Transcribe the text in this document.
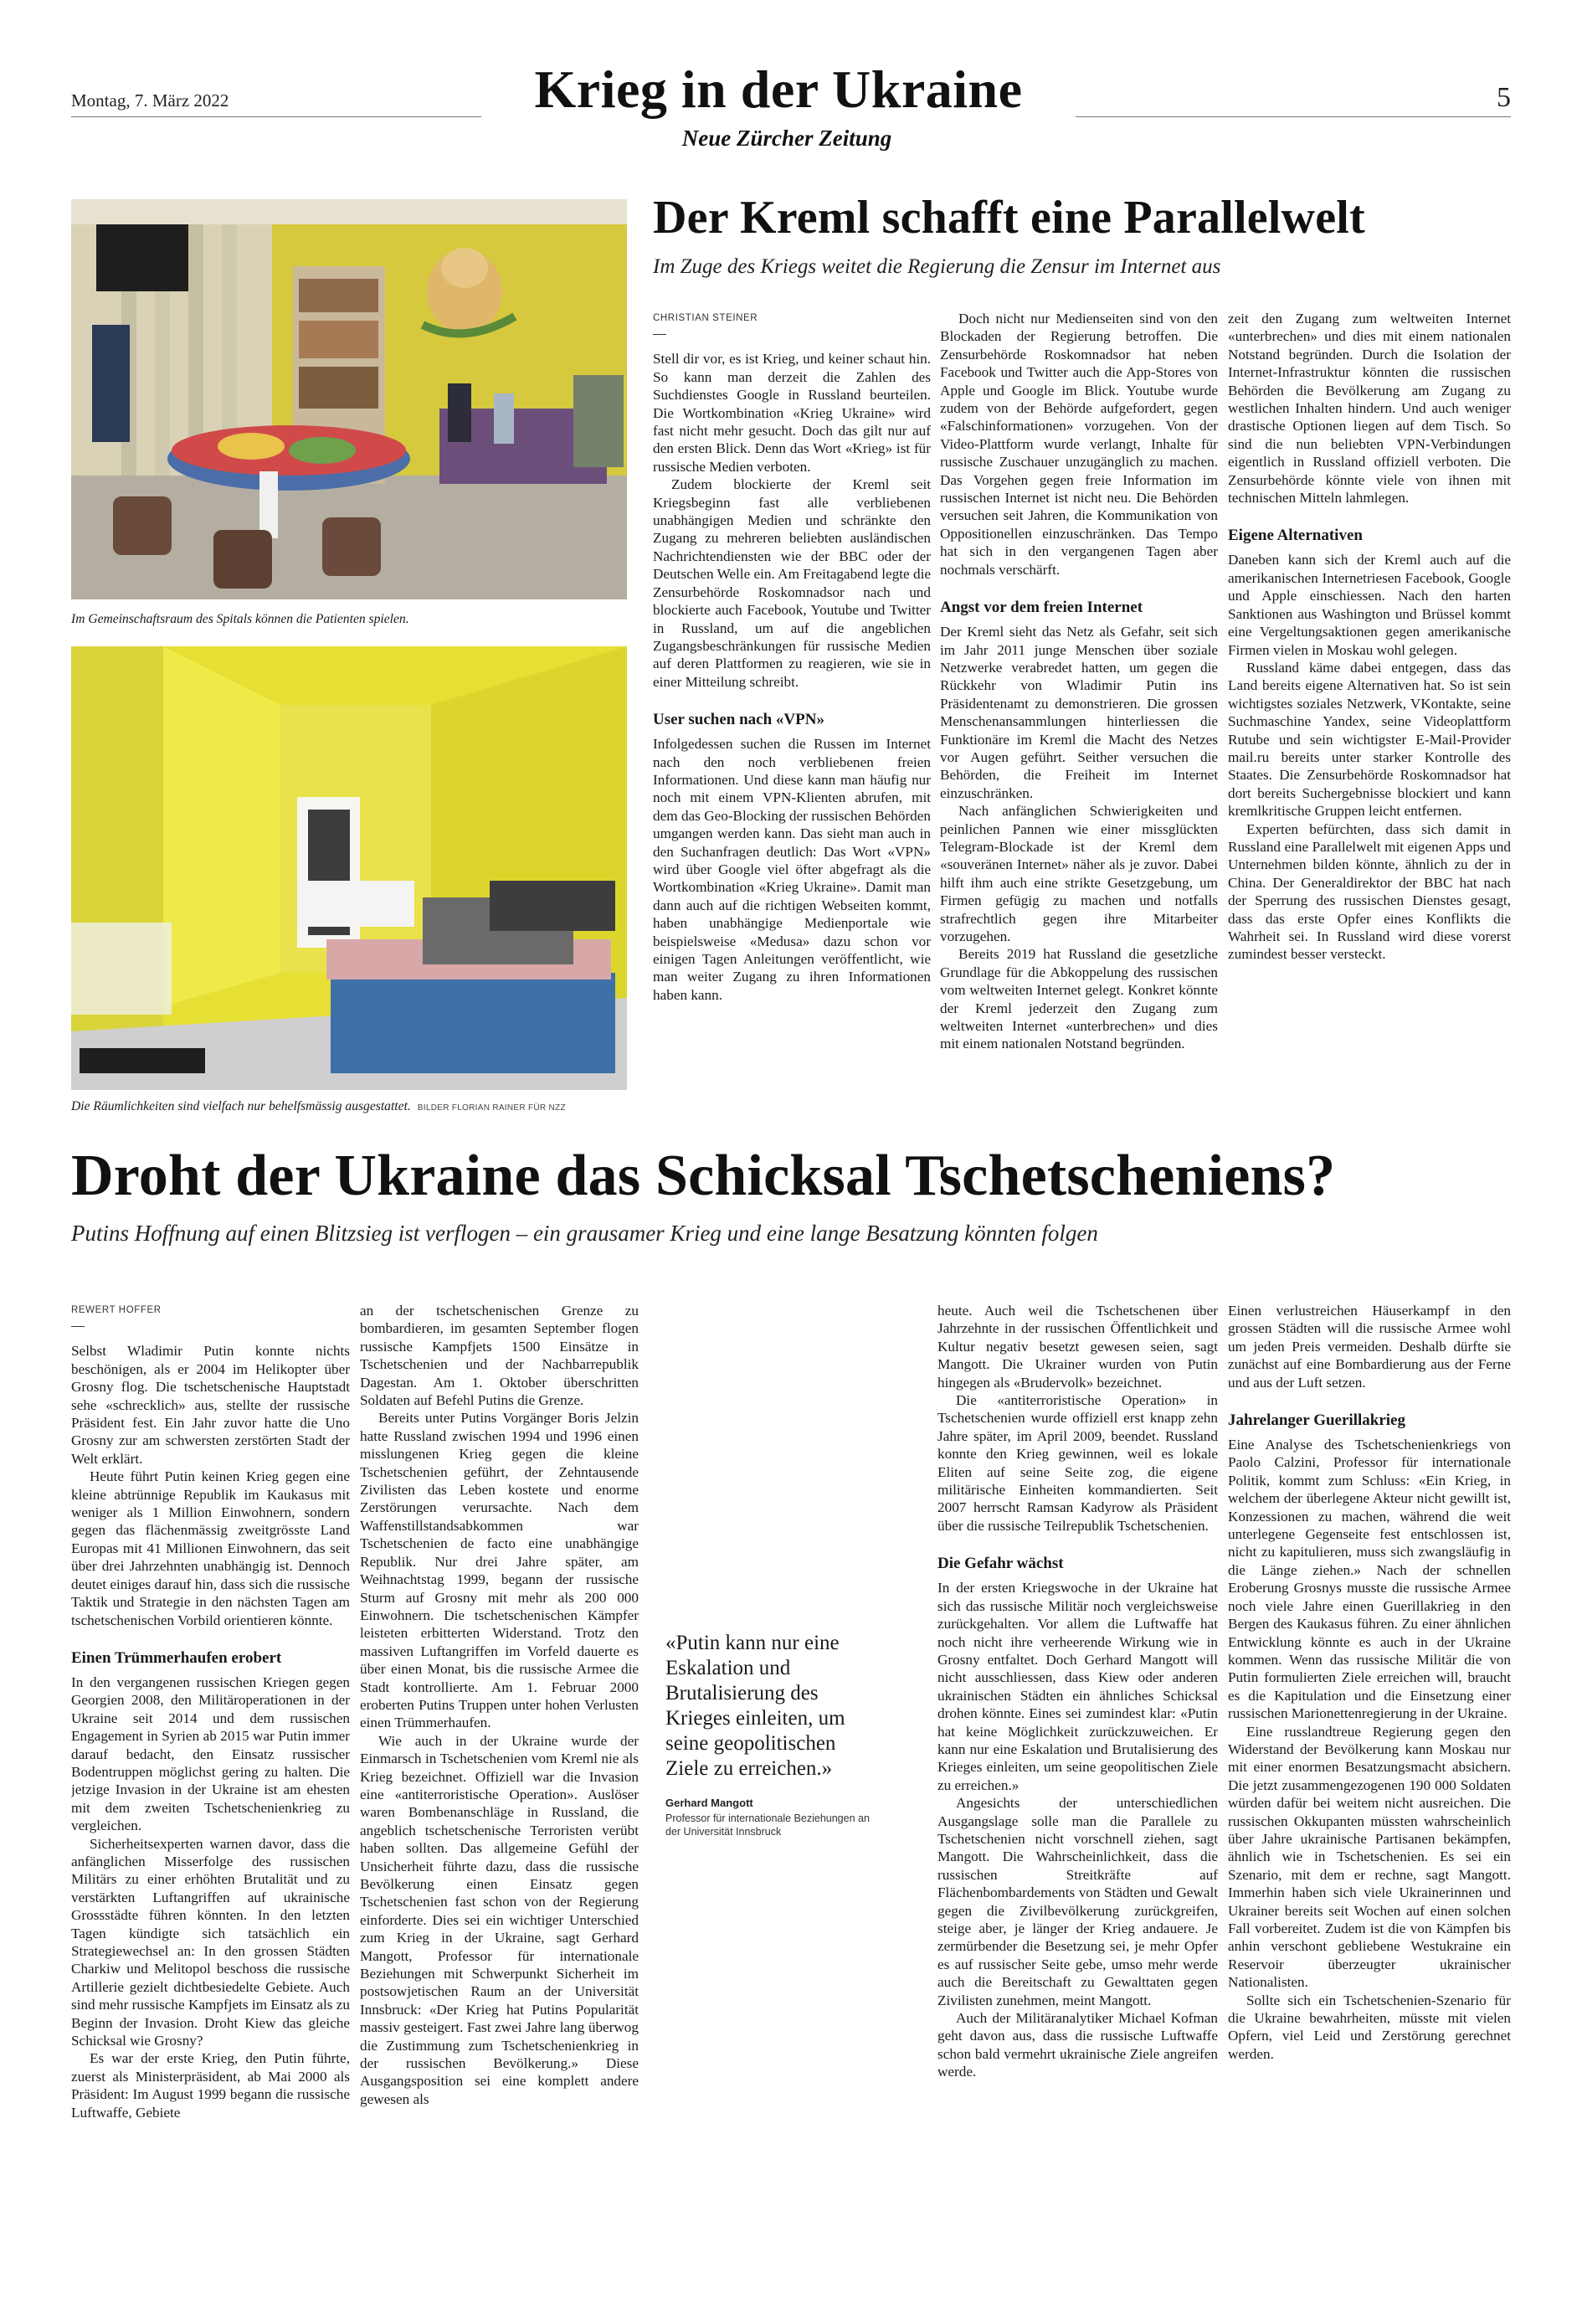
Montag, 7. März 2022	Krieg in der Ukraine	5
Neue Zürcher Zeitung
Im Gemeinschaftsraum des Spitals können die Patienten spielen.
Die Räumlichkeiten sind vielfach nur behelfsmässig ausgestattet. BILDER FLORIAN RAINER FÜR NZZ
Der Kreml schafft eine Parallelwelt
Im Zuge des Kriegs weitet die Regierung die Zensur im Internet aus
CHRISTIAN STEINER

Stell dir vor, es ist Krieg, und keiner schaut hin. So kann man derzeit die Zahlen des Suchdienstes Google in Russland beurteilen. Die Wortkombination «Krieg Ukraine» wird fast nicht mehr gesucht. Doch das gilt nur auf den ersten Blick. Denn das Wort «Krieg» ist für russische Medien verboten.

Zudem blockierte der Kreml seit Kriegsbeginn fast alle verbliebenen unabhängigen Medien und schränkte den Zugang zu mehreren beliebten ausländischen Nachrichtendiensten wie der BBC oder der Deutschen Welle ein. Am Freitagabend legte die Zensurbehörde Roskomnadsor nach und blockierte auch Facebook, Youtube und Twitter in Russland, um auf die angeblichen Zugangsbeschränkungen für russische Medien auf deren Plattformen zu reagieren, wie sie in einer Mitteilung schreibt.

User suchen nach «VPN»

Infolgedessen suchen die Russen im Internet nach den noch verbliebenen freien Informationen. Und diese kann man häufig nur noch mit einem VPN-Klienten abrufen, mit dem das Geo-Blocking der russischen Behörden umgangen werden kann. Das sieht man auch in den Suchanfragen deutlich: Das Wort «VPN» wird über Google viel öfter abgefragt als die Wortkombination «Krieg Ukraine». Damit man dann auch auf die richtigen Webseiten kommt, haben unabhängige Medienportale wie beispielsweise «Medusa» dazu schon vor einigen Tagen Anleitungen veröffentlicht, wie man weiter Zugang zu ihren Informationen haben kann.

Doch nicht nur Medienseiten sind von den Blockaden der Regierung betroffen. Die Zensurbehörde Roskomnadsor hat neben Facebook und Twitter auch die App-Stores von Apple und Google im Blick. Youtube wurde zudem von der Behörde aufgefordert, gegen «Falschinformationen» vorzugehen. Von der Video-Plattform wurde verlangt, Inhalte für russische Zuschauer unzugänglich zu machen. Das Vorgehen gegen freie Information im russischen Internet ist nicht neu. Die Behörden versuchen seit Jahren, die Kommunikation von Oppositionellen einzuschränken. Das Tempo hat sich in den vergangenen Tagen aber nochmals verschärft.

Angst vor dem freien Internet

Der Kreml sieht das Netz als Gefahr, seit sich im Jahr 2011 junge Menschen über soziale Netzwerke verabredet hatten, um gegen die Rückkehr von Wladimir Putin ins Präsidentenamt zu demonstrieren. Die grossen Menschenansammlungen hinterliessen die Funktionäre im Kreml die Macht des Netzes vor Augen geführt. Seither versuchen die Behörden, die Freiheit im Internet einzuschränken.

Nach anfänglichen Schwierigkeiten und peinlichen Pannen wie einer missglückten Telegram-Blockade ist der Kreml dem «souveränen Internet» näher als je zuvor. Dabei hilft ihm auch eine strikte Gesetzgebung, um Firmen gefügig zu machen und notfalls strafrechtlich gegen ihre Mitarbeiter vorzugehen.

Bereits 2019 hat Russland die gesetzliche Grundlage für die Abkoppelung des russischen vom weltweiten Internet gelegt. Konkret könnte der Kreml jederzeit den Zugang zum weltweiten Internet «unterbrechen» und dies mit einem nationalen Notstand begründen.

zeit den Zugang zum weltweiten Internet «unterbrechen» und dies mit einem nationalen Notstand begründen. Durch die Isolation der Internet-Infrastruktur könnten die russischen Behörden die Bevölkerung am Zugang zu westlichen Inhalten hindern. Und auch weniger drastische Optionen liegen auf dem Tisch. So sind die nun beliebten VPN-Verbindungen eigentlich in Russland offiziell verboten. Die Zensurbehörde könnte viele von ihnen mit technischen Mitteln lahmlegen.

Eigene Alternativen

Daneben kann sich der Kreml auch auf die amerikanischen Internetriesen Facebook, Google und Apple einschiessen. Nach den harten Sanktionen aus Washington und Brüssel kommt eine Vergeltungsaktionen gegen amerikanische Firmen vielen in Moskau wohl gelegen.

Russland käme dabei entgegen, dass das Land bereits eigene Alternativen hat. So ist sein wichtigstes soziales Netzwerk, VKontakte, seine Suchmaschine Yandex, seine Videoplattform Rutube und sein wichtigster E-Mail-Provider mail.ru bereits unter starker Kontrolle des Staates. Die Zensurbehörde Roskomnadsor hat dort bereits Suchergebnisse blockiert und kann kremlkritische Gruppen leicht entfernen.

Experten befürchten, dass sich damit in Russland eine Parallelwelt mit eigenen Apps und Unternehmen bilden könnte, ähnlich zu der in China. Der Generaldirektor der BBC hat nach der Sperrung des russischen Dienstes gesagt, dass das erste Opfer eines Konflikts die Wahrheit sei. In Russland wird diese vorerst zumindest besser versteckt.

Droht der Ukraine das Schicksal Tschetscheniens?
Putins Hoffnung auf einen Blitzsieg ist verflogen – ein grausamer Krieg und eine lange Besatzung könnten folgen
REWERT HOFFER

Selbst Wladimir Putin konnte nichts beschönigen, als er 2004 im Helikopter über Grosny flog. Die tschetschenische Hauptstadt sehe «schrecklich» aus, stellte der russische Präsident fest. Ein Jahr zuvor hatte die Uno Grosny zur am schwersten zerstörten Stadt der Welt erklärt.

Heute führt Putin keinen Krieg gegen eine kleine abtrünnige Republik im Kaukasus mit weniger als 1 Million Einwohnern, sondern gegen das flächenmässig zweitgrösste Land Europas mit 41 Millionen Einwohnern, das seit über drei Jahrzehnten unabhängig ist. Dennoch deutet einiges darauf hin, dass sich die russische Taktik und Strategie in den nächsten Tagen am tschetschenischen Vorbild orientieren könnte.

Einen Trümmerhaufen erobert

In den vergangenen russischen Kriegen gegen Georgien 2008, den Militäroperationen in der Ukraine seit 2014 und dem russischen Engagement in Syrien ab 2015 war Putin immer darauf bedacht, den Einsatz russischer Bodentruppen möglichst gering zu halten. Die jetzige Invasion in der Ukraine ist am ehesten mit dem zweiten Tschetschenienkrieg zu vergleichen.

Sicherheitsexperten warnen davor, dass die anfänglichen Misserfolge des russischen Militärs zu einer erhöhten Brutalität und zu verstärkten Luftangriffen auf ukrainische Grossstädte führen könnten. In den letzten Tagen kündigte sich tatsächlich ein Strategiewechsel an: In den grossen Städten Charkiw und Melitopol beschoss die russische Artillerie gezielt dichtbesiedelte Gebiete. Auch sind mehr russische Kampfjets im Einsatz als zu Beginn der Invasion. Droht Kiew das gleiche Schicksal wie Grosny?

Es war der erste Krieg, den Putin führte, zuerst als Ministerpräsident, ab Mai 2000 als Präsident: Im August 1999 begann die russische Luftwaffe, Gebiete

an der tschetschenischen Grenze zu bombardieren, im gesamten September flogen russische Kampfjets 1500 Einsätze in Tschetschenien und der Nachbarrepublik Dagestan. Am 1. Oktober überschritten Soldaten auf Befehl Putins die Grenze.

Bereits unter Putins Vorgänger Boris Jelzin hatte Russland zwischen 1994 und 1996 einen misslungenen Krieg gegen die kleine Tschetschenien geführt, der Zehntausende Zivilisten das Leben kostete und enorme Zerstörungen verursachte. Nach dem Waffenstillstandsabkommen war Tschetschenien de facto eine unabhängige Republik. Nur drei Jahre später, am Weihnachtstag 1999, begann der russische Sturm auf Grosny mit mehr als 200 000 Einwohnern. Die tschetschenischen Kämpfer leisteten erbitterten Widerstand. Trotz den massiven Luftangriffen im Vorfeld dauerte es über einen Monat, bis die russische Armee die Stadt kontrollierte. Am 1. Februar 2000 eroberten Putins Truppen unter hohen Verlusten einen Trümmerhaufen.

Wie auch in der Ukraine wurde der Einmarsch in Tschetschenien vom Kreml nie als Krieg bezeichnet. Offiziell war die Invasion eine «antiterroristische Operation». Auslöser waren Bombenanschläge in Russland, die angeblich tschetschenische Terroristen verübt haben sollten. Das allgemeine Gefühl der Unsicherheit führte dazu, dass die russische Bevölkerung einen Einsatz gegen Tschetschenien fast schon von der Regierung einforderte. Dies sei ein wichtiger Unterschied zum Krieg in der Ukraine, sagt Gerhard Mangott, Professor für internationale Beziehungen mit Schwerpunkt Sicherheit im postsowjetischen Raum an der Universität Innsbruck: «Der Krieg hat Putins Popularität massiv gesteigert. Fast zwei Jahre lang überwog die Zustimmung zum Tschetschenienkrieg in der russischen Bevölkerung.» Diese Ausgangsposition sei eine komplett andere gewesen als

«Putin kann nur eine Eskalation und Brutalisierung des Krieges einleiten, um seine geopolitischen Ziele zu erreichen.»
Gerhard Mangott
Professor für internationale Beziehungen an der Universität Innsbruck

heute. Auch weil die Tschetschenen über Jahrzehnte in der russischen Öffentlichkeit und Kultur negativ besetzt gewesen seien, sagt Mangott. Die Ukrainer wurden von Putin hingegen als «Brudervolk» bezeichnet.

Die «antiterroristische Operation» in Tschetschenien wurde offiziell erst knapp zehn Jahre später, im April 2009, beendet. Russland konnte den Krieg gewinnen, weil es lokale Eliten auf seine Seite zog, die eigene militärische Einheiten kommandierten. Seit 2007 herrscht Ramsan Kadyrow als Präsident über die russische Teilrepublik Tschetschenien.

Die Gefahr wächst

In der ersten Kriegswoche in der Ukraine hat sich das russische Militär noch vergleichsweise zurückgehalten. Vor allem die Luftwaffe hat noch nicht ihre verheerende Wirkung wie in Grosny entfaltet. Doch Gerhard Mangott will nicht ausschliessen, dass Kiew oder anderen ukrainischen Städten ein ähnliches Schicksal drohen könnte. Eines sei zumindest klar: «Putin hat keine Möglichkeit zurückzuweichen. Er kann nur eine Eskalation und Brutalisierung des Krieges einleiten, um seine geopolitischen Ziele zu erreichen.»

Angesichts der unterschiedlichen Ausgangslage solle man die Parallele zu Tschetschenien nicht vorschnell ziehen, sagt Mangott. Die Wahrscheinlichkeit, dass die russischen Streitkräfte auf Flächenbombardements von Städten und Gewalt gegen die Zivilbevölkerung zurückgreifen, steige aber, je länger der Krieg andauere. Je zermürbender die Besetzung sei, je mehr Opfer es auf russischer Seite gebe, umso mehr werde auch die Bereitschaft zu Gewalttaten gegen Zivilisten zunehmen, meint Mangott.

Auch der Militäranalytiker Michael Kofman geht davon aus, dass die russische Luftwaffe schon bald vermehrt ukrainische Ziele angreifen werde.

Einen verlustreichen Häuserkampf in den grossen Städten will die russische Armee wohl um jeden Preis vermeiden. Deshalb dürfte sie zunächst auf eine Bombardierung aus der Ferne und aus der Luft setzen.

Jahrelanger Guerillakrieg

Eine Analyse des Tschetschenienkriegs von Paolo Calzini, Professor für internationale Politik, kommt zum Schluss: «Ein Krieg, in welchem der überlegene Akteur nicht gewillt ist, Konzessionen zu machen, während die weit unterlegene Gegenseite fest entschlossen ist, nicht zu kapitulieren, muss sich zwangsläufig in die Länge ziehen.» Nach der schnellen Eroberung Grosnys musste die russische Armee noch viele Jahre einen Guerillakrieg in den Bergen des Kaukasus führen. Zu einer ähnlichen Entwicklung könnte es auch in der Ukraine kommen. Wenn das russische Militär die von Putin formulierten Ziele erreichen will, braucht es die Kapitulation und die Einsetzung einer russischen Marionettenregierung in der Ukraine.

Eine russlandtreue Regierung gegen den Widerstand der Bevölkerung kann Moskau nur mit einer enormen Besatzungsmacht absichern. Die jetzt zusammengezogenen 190 000 Soldaten würden dafür bei weitem nicht ausreichen. Die russischen Okkupanten müssten wahrscheinlich über Jahre ukrainische Partisanen bekämpfen, ähnlich wie in Tschetschenien. Es sei ein Szenario, mit dem er rechne, sagt Mangott. Immerhin haben sich viele Ukrainerinnen und Ukrainer bereits seit Wochen auf einen solchen Fall vorbereitet. Zudem ist die von Kämpfen bis anhin verschont gebliebene Westukraine ein Reservoir überzeugter ukrainischer Nationalisten.

Sollte sich ein Tschetschenien-Szenario für die Ukraine bewahrheiten, müsste mit vielen Opfern, viel Leid und Zerstörung gerechnet werden.
